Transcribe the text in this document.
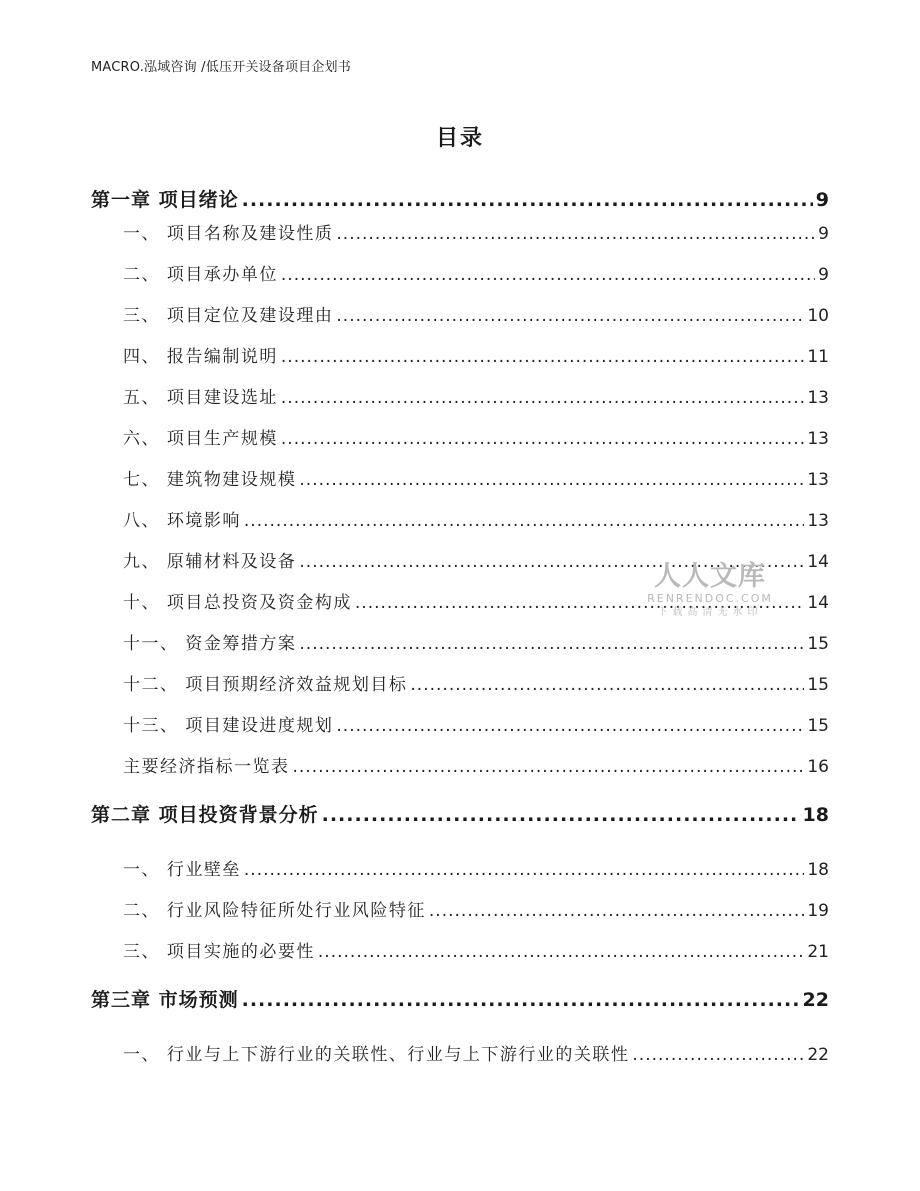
MACRO.泓域咨询 /低压开关设备项目企划书
目录
第一章 项目绪论 .....	9
一、 项目名称及建设性质 .....	9
二、 项目承办单位 .....	9
三、 项目定位及建设理由 .....	10
四、 报告编制说明 .....	11
五、 项目建设选址 .....	13
六、 项目生产规模 .....	13
七、 建筑物建设规模 .....	13
八、 环境影响 .....	13
九、 原辅材料及设备 .....	14
十、 项目总投资及资金构成 .....	14
十一、 资金筹措方案 .....	15
十二、 项目预期经济效益规划目标 .....	15
十三、 项目建设进度规划 .....	15
主要经济指标一览表 .....	16
第二章 项目投资背景分析 .....	18
一、 行业壁垒 .....	18
二、 行业风险特征所处行业风险特征 .....	19
三、 项目实施的必要性 .....	21
第三章 市场预测 .....	22
一、 行业与上下游行业的关联性、行业与上下游行业的关联性 .....	22
人人文库
RENRENDOC.COM
下载高清无水印
